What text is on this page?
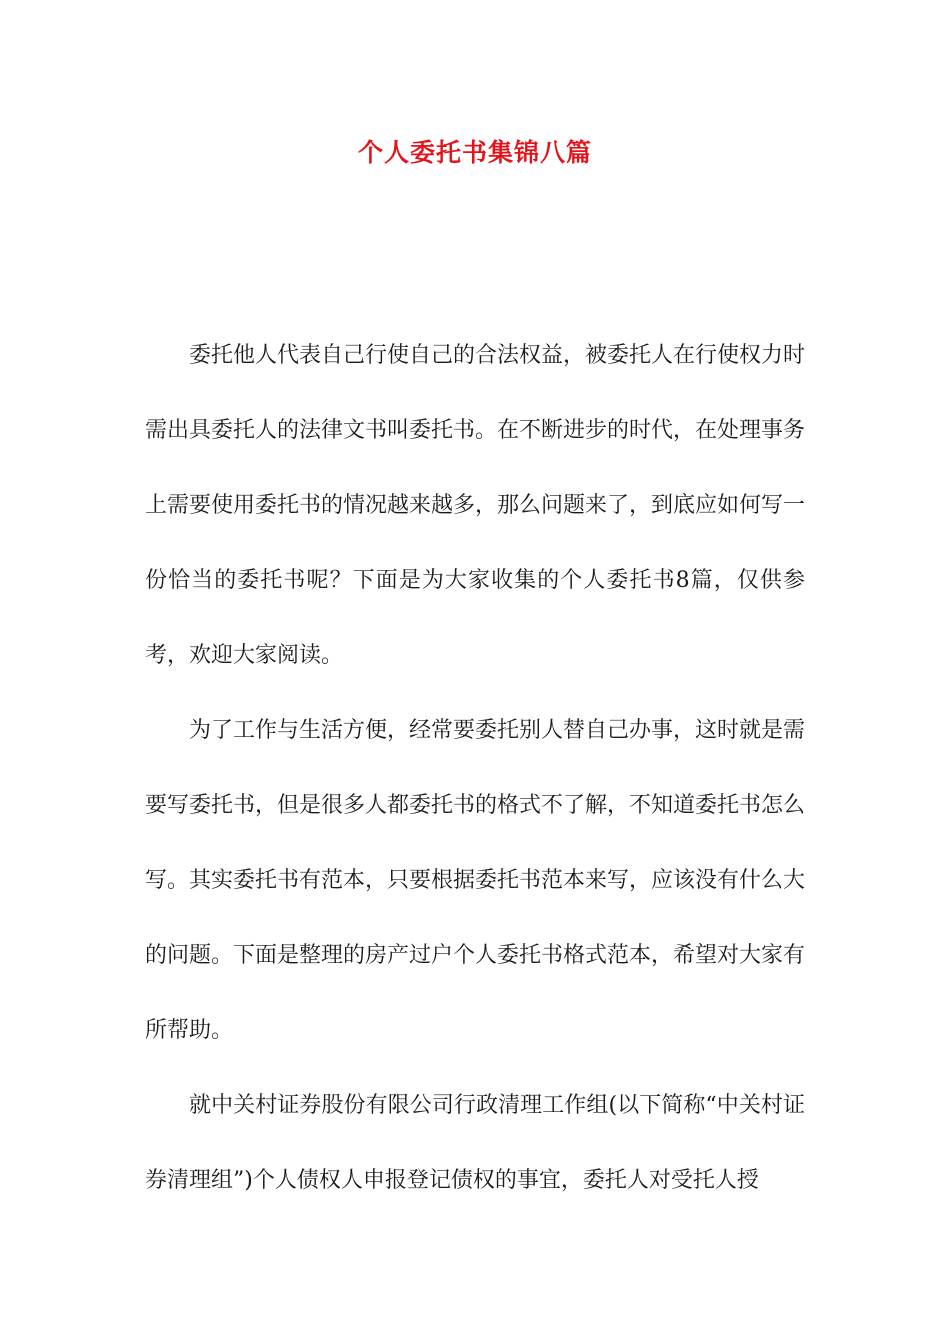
个人委托书集锦八篇

委托他人代表自己行使自己的合法权益，被委托人在行使权力时需出具委托人的法律文书叫委托书。在不断进步的时代，在处理事务上需要使用委托书的情况越来越多，那么问题来了，到底应如何写一份恰当的委托书呢？下面是为大家收集的个人委托书8篇，仅供参考，欢迎大家阅读。

为了工作与生活方便，经常要委托别人替自己办事，这时就是需要写委托书，但是很多人都委托书的格式不了解，不知道委托书怎么写。其实委托书有范本，只要根据委托书范本来写，应该没有什么大的问题。下面是整理的房产过户个人委托书格式范本，希望对大家有所帮助。

就中关村证券股份有限公司行政清理工作组(以下简称“中关村证券清理组”)个人债权人申报登记债权的事宜，委托人对受托人授
